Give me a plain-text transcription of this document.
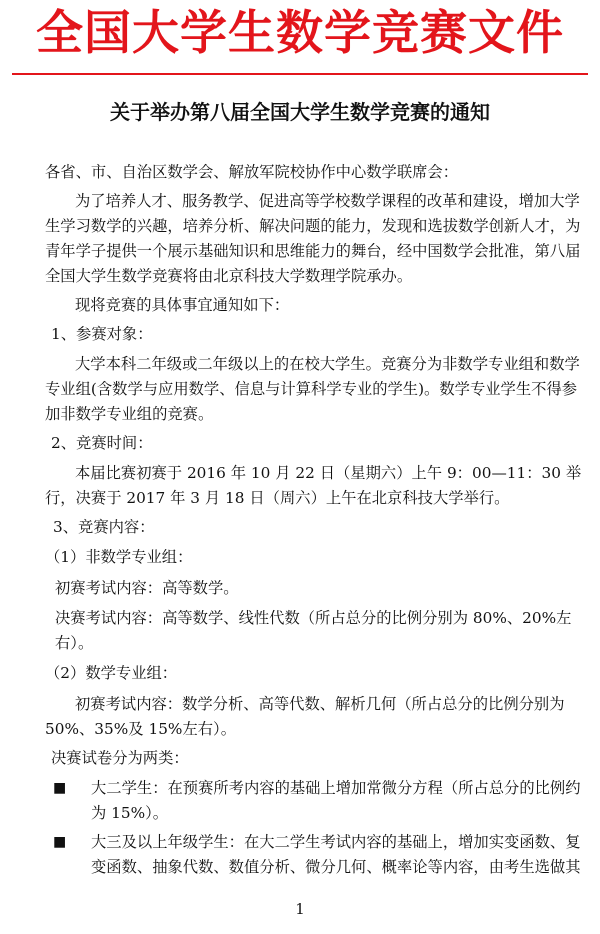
全国大学生数学竞赛文件
关于举办第八届全国大学生数学竞赛的通知

各省、市、自治区数学会、解放军院校协作中心数学联席会：

为了培养人才、服务教学、促进高等学校数学课程的改革和建设，增加大学生学习数学的兴趣，培养分析、解决问题的能力，发现和选拔数学创新人才，为青年学子提供一个展示基础知识和思维能力的舞台，经中国数学会批准，第八届全国大学生数学竞赛将由北京科技大学数理学院承办。

现将竞赛的具体事宜通知如下：

1、参赛对象：

大学本科二年级或二年级以上的在校大学生。竞赛分为非数学专业组和数学专业组(含数学与应用数学、信息与计算科学专业的学生)。数学专业学生不得参加非数学专业组的竞赛。

2、竞赛时间：

本届比赛初赛于 2016 年 10 月 22 日（星期六）上午 9：00—11：30 举行，决赛于 2017 年 3 月 18 日（周六）上午在北京科技大学举行。

3、竞赛内容：

（1）非数学专业组：

初赛考试内容：高等数学。

决赛考试内容：高等数学、线性代数（所占总分的比例分别为 80%、20%左右）。

（2）数学专业组：

初赛考试内容：数学分析、高等代数、解析几何（所占总分的比例分别为 50%、35%及 15%左右）。

决赛试卷分为两类：

■	大二学生：在预赛所考内容的基础上增加常微分方程（所占总分的比例约为 15%）。
■	大三及以上年级学生：在大二学生考试内容的基础上，增加实变函数、复变函数、抽象代数、数值分析、微分几何、概率论等内容，由考生选做其
1
